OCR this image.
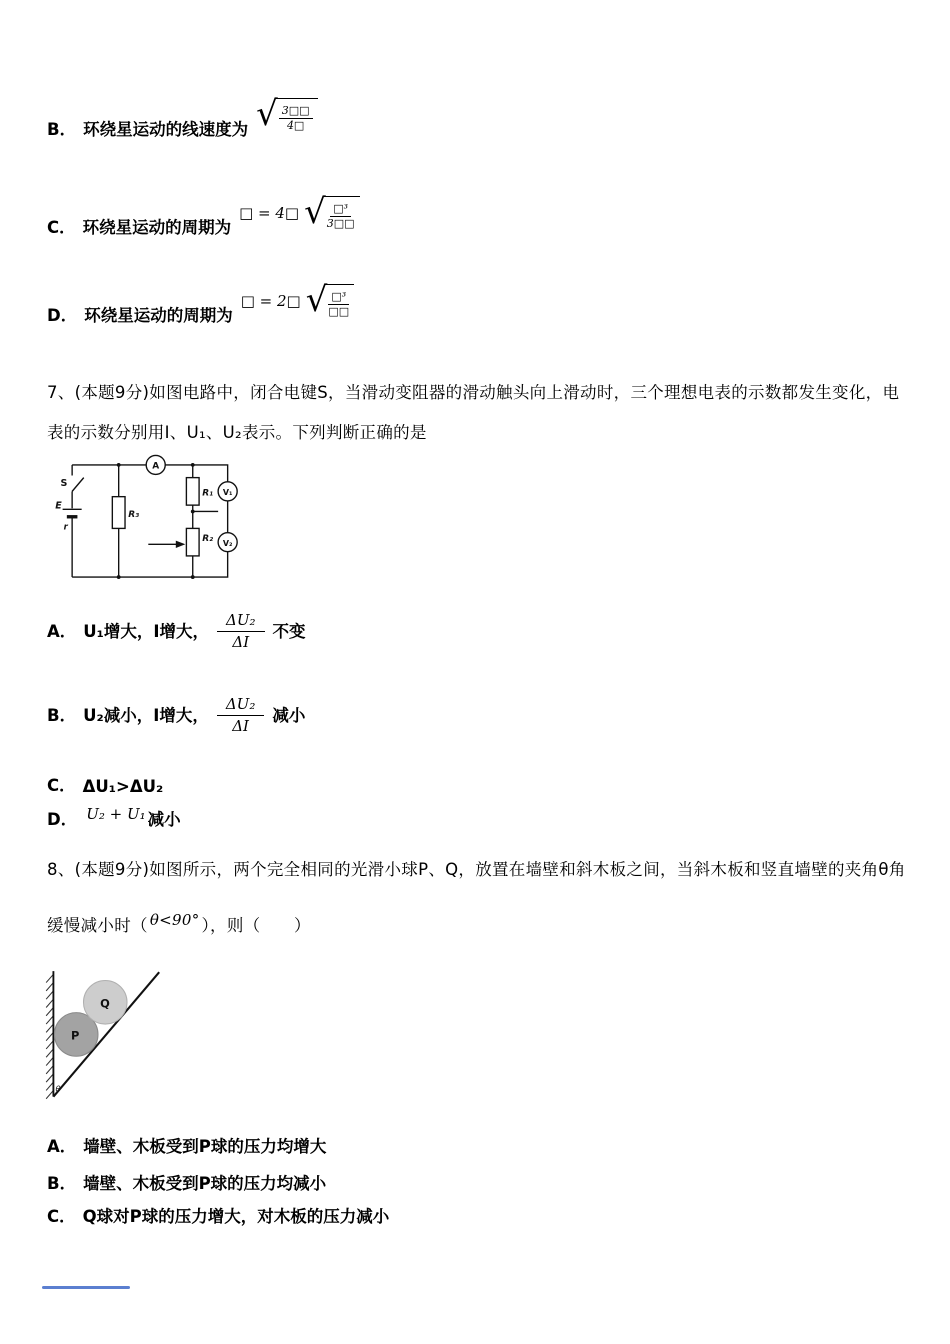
B． 环绕星运动的线速度为 √ $\frac{3□□}{4□}$
C． 环绕星运动的周期为
□ = 4□ √ $\frac{\text{□³}}{3□□}$
D． 环绕星运动的周期为
□ = 2□ √ $\frac{\text{□³}}{□□}$
7、(本题9分)如图电路中，闭合电键S，当滑动变阻器的滑动触头向上滑动时，三个理想电表的示数都发生变化，电
表的示数分别用I、U₁、U₂表示。下列判断正确的是
S
E
r
A
R₃
R₁
R₂
V₁
V₂
A． U₁增大，I增大， $\frac{\text{ΔU₂}}{\Delta I}$ 不变
B． U₂减小，I增大， $\frac{\text{ΔU₂}}{\Delta I}$ 减小
C． ΔU₁>ΔU₂
D． U₂ + U₁ 减小
8、(本题9分)如图所示，两个完全相同的光滑小球P、Q，放置在墙壁和斜木板之间，当斜木板和竖直墙壁的夹角θ角
缓慢减小时（ θ<90° ），则（　　）
P
Q
θ
A． 墙壁、木板受到P球的压力均增大
B． 墙壁、木板受到P球的压力均减小
C． Q球对P球的压力增大，对木板的压力减小
